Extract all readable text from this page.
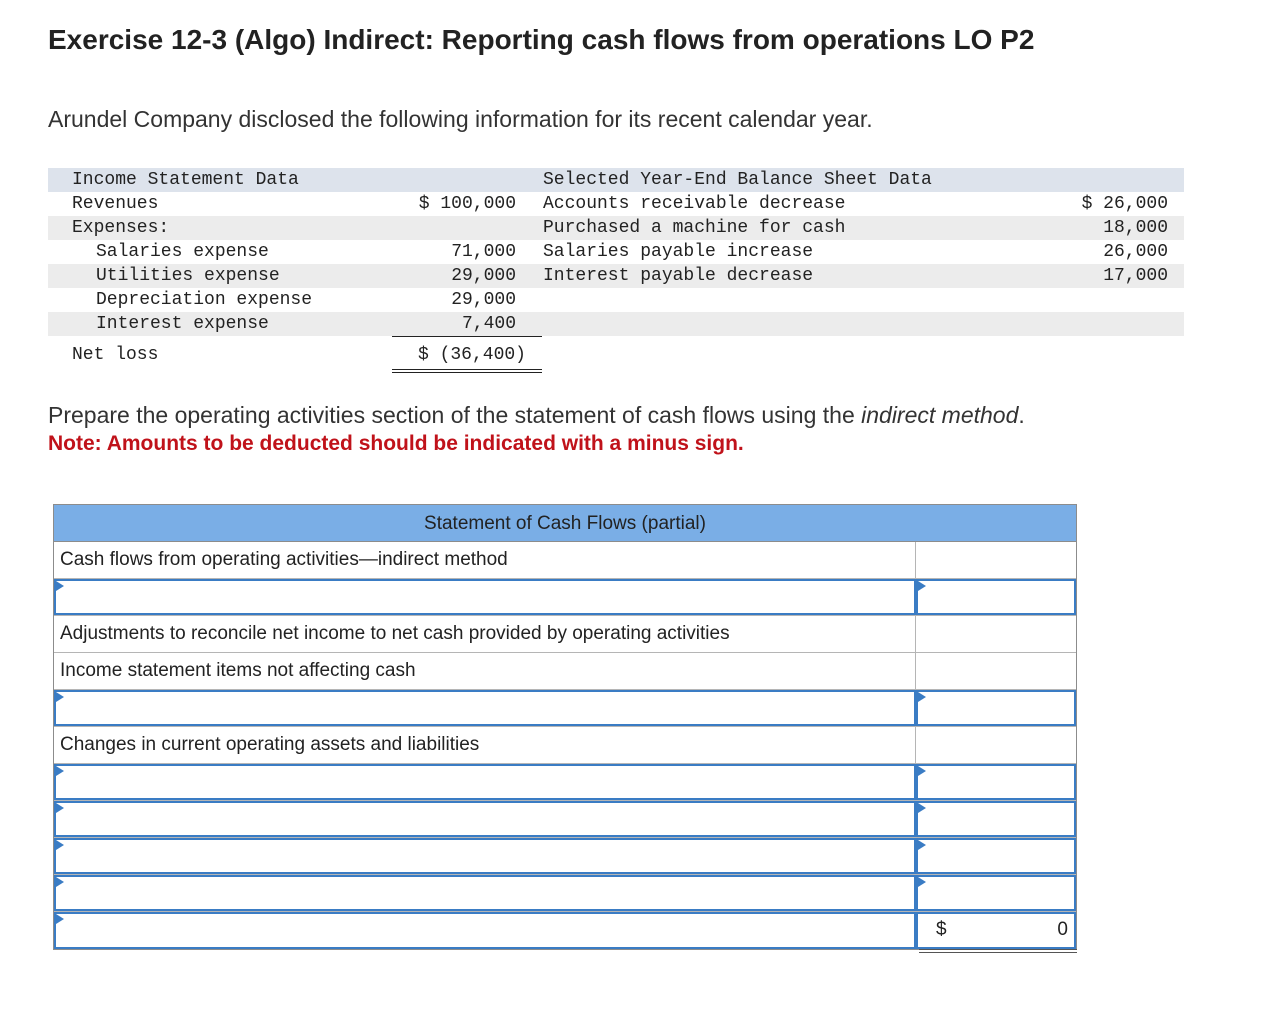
Exercise 12-3 (Algo) Indirect: Reporting cash flows from operations LO P2
Arundel Company disclosed the following information for its recent calendar year.
Income Statement Data
Revenues	$ 100,000
Expenses:
Salaries expense	71,000
Utilities expense	29,000
Depreciation expense	29,000
Interest expense	7,400
Net loss	$ (36,400)
Selected Year-End Balance Sheet Data
Accounts receivable decrease	$ 26,000
Purchased a machine for cash	18,000
Salaries payable increase	26,000
Interest payable decrease	17,000
Prepare the operating activities section of the statement of cash flows using the indirect method.
Note: Amounts to be deducted should be indicated with a minus sign.
Statement of Cash Flows (partial)
Cash flows from operating activities—indirect method
Adjustments to reconcile net income to net cash provided by operating activities
Income statement items not affecting cash
Changes in current operating assets and liabilities
$	0
